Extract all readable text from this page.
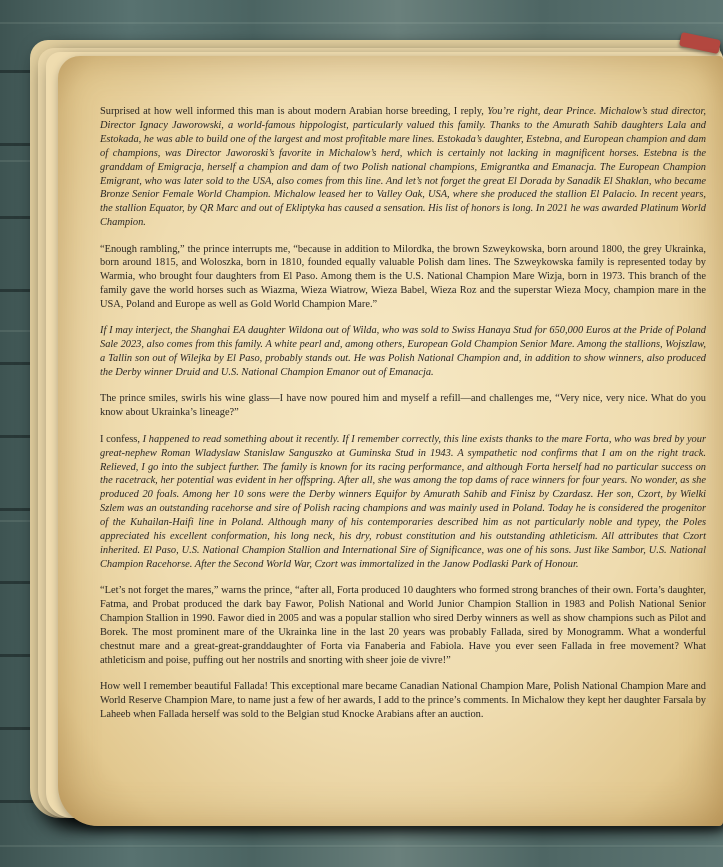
Surprised at how well informed this man is about modern Arabian horse breeding, I reply, You’re right, dear Prince. Michalow’s stud director, Director Ignacy Jaworowski, a world-famous hippologist, particularly valued this family. Thanks to the Amurath Sahib daughters Lala and Estokada, he was able to build one of the largest and most profitable mare lines. Estokada’s daughter, Estebna, and European champion and dam of champions, was Director Jaworoski’s favorite in Michalow’s herd, which is certainly not lacking in magnificent horses. Estebna is the granddam of Emigracja, herself a champion and dam of two Polish national champions, Emigrantka and Emanacja. The European Champion Emigrant, who was later sold to the USA, also comes from this line. And let’s not forget the great El Dorada by Sanadik El Shaklan, who became Bronze Senior Female World Champion. Michalow leased her to Valley Oak, USA, where she produced the stallion El Palacio. In recent years, the stallion Equator, by QR Marc and out of Ekliptyka has caused a sensation. His list of honors is long. In 2021 he was awarded Platinum World Champion.

“Enough rambling,” the prince interrupts me, “because in addition to Milordka, the brown Szweykowska, born around 1800, the grey Ukrainka, born around 1815, and Woloszka, born in 1810, founded equally valuable Polish dam lines. The Szweykowska family is represented today by Warmia, who brought four daughters from El Paso. Among them is the U.S. National Champion Mare Wizja, born in 1973. This branch of the family gave the world horses such as Wiazma, Wieza Wiatrow, Wieza Babel, Wieza Roz and the superstar Wieza Mocy, champion mare in the USA, Poland and Europe as well as Gold World Champion Mare.”

If I may interject, the Shanghai EA daughter Wildona out of Wilda, who was sold to Swiss Hanaya Stud for 650,000 Euros at the Pride of Poland Sale 2023, also comes from this family. A white pearl and, among others, European Gold Champion Senior Mare. Among the stallions, Wojszlaw, a Tallin son out of Wilejka by El Paso, probably stands out. He was Polish National Champion and, in addition to show winners, also produced the Derby winner Druid and U.S. National Champion Emanor out of Emanacja.

The prince smiles, swirls his wine glass—I have now poured him and myself a refill—and challenges me, “Very nice, very nice. What do you know about Ukrainka’s lineage?”

I confess, I happened to read something about it recently. If I remember correctly, this line exists thanks to the mare Forta, who was bred by your great-nephew Roman Wladyslaw Stanislaw Sanguszko at Guminska Stud in 1943. A sympathetic nod confirms that I am on the right track. Relieved, I go into the subject further. The family is known for its racing performance, and although Forta herself had no particular success on the racetrack, her potential was evident in her offspring. After all, she was among the top dams of race winners for four years. No wonder, as she produced 20 foals. Among her 10 sons were the Derby winners Equifor by Amurath Sahib and Finisz by Czardasz. Her son, Czort, by Wielki Szlem was an outstanding racehorse and sire of Polish racing champions and was mainly used in Poland. Today he is considered the progenitor of the Kuhailan-Haifi line in Poland. Although many of his contemporaries described him as not particularly noble and typey, the Poles appreciated his excellent conformation, his long neck, his dry, robust constitution and his outstanding athleticism. All attributes that Czort inherited. El Paso, U.S. National Champion Stallion and International Sire of Significance, was one of his sons. Just like Sambor, U.S. National Champion Racehorse. After the Second World War, Czort was immortalized in the Janow Podlaski Park of Honour.

“Let’s not forget the mares,” warns the prince, “after all, Forta produced 10 daughters who formed strong branches of their own. Forta’s daughter, Fatma, and Probat produced the dark bay Fawor, Polish National and World Junior Champion Stallion in 1983 and Polish National Senior Champion Stallion in 1990. Fawor died in 2005 and was a popular stallion who sired Derby winners as well as show champions such as Pilot and Borek. The most prominent mare of the Ukrainka line in the last 20 years was probably Fallada, sired by Monogramm. What a wonderful chestnut mare and a great-great-granddaughter of Forta via Fanaberia and Fabiola. Have you ever seen Fallada in free movement? What athleticism and poise, puffing out her nostrils and snorting with sheer joie de vivre!”

How well I remember beautiful Fallada! This exceptional mare became Canadian National Champion Mare, Polish National Champion Mare and World Reserve Champion Mare, to name just a few of her awards, I add to the prince’s comments. In Michalow they kept her daughter Farsala by Laheeb when Fallada herself was sold to the Belgian stud Knocke Arabians after an auction.
